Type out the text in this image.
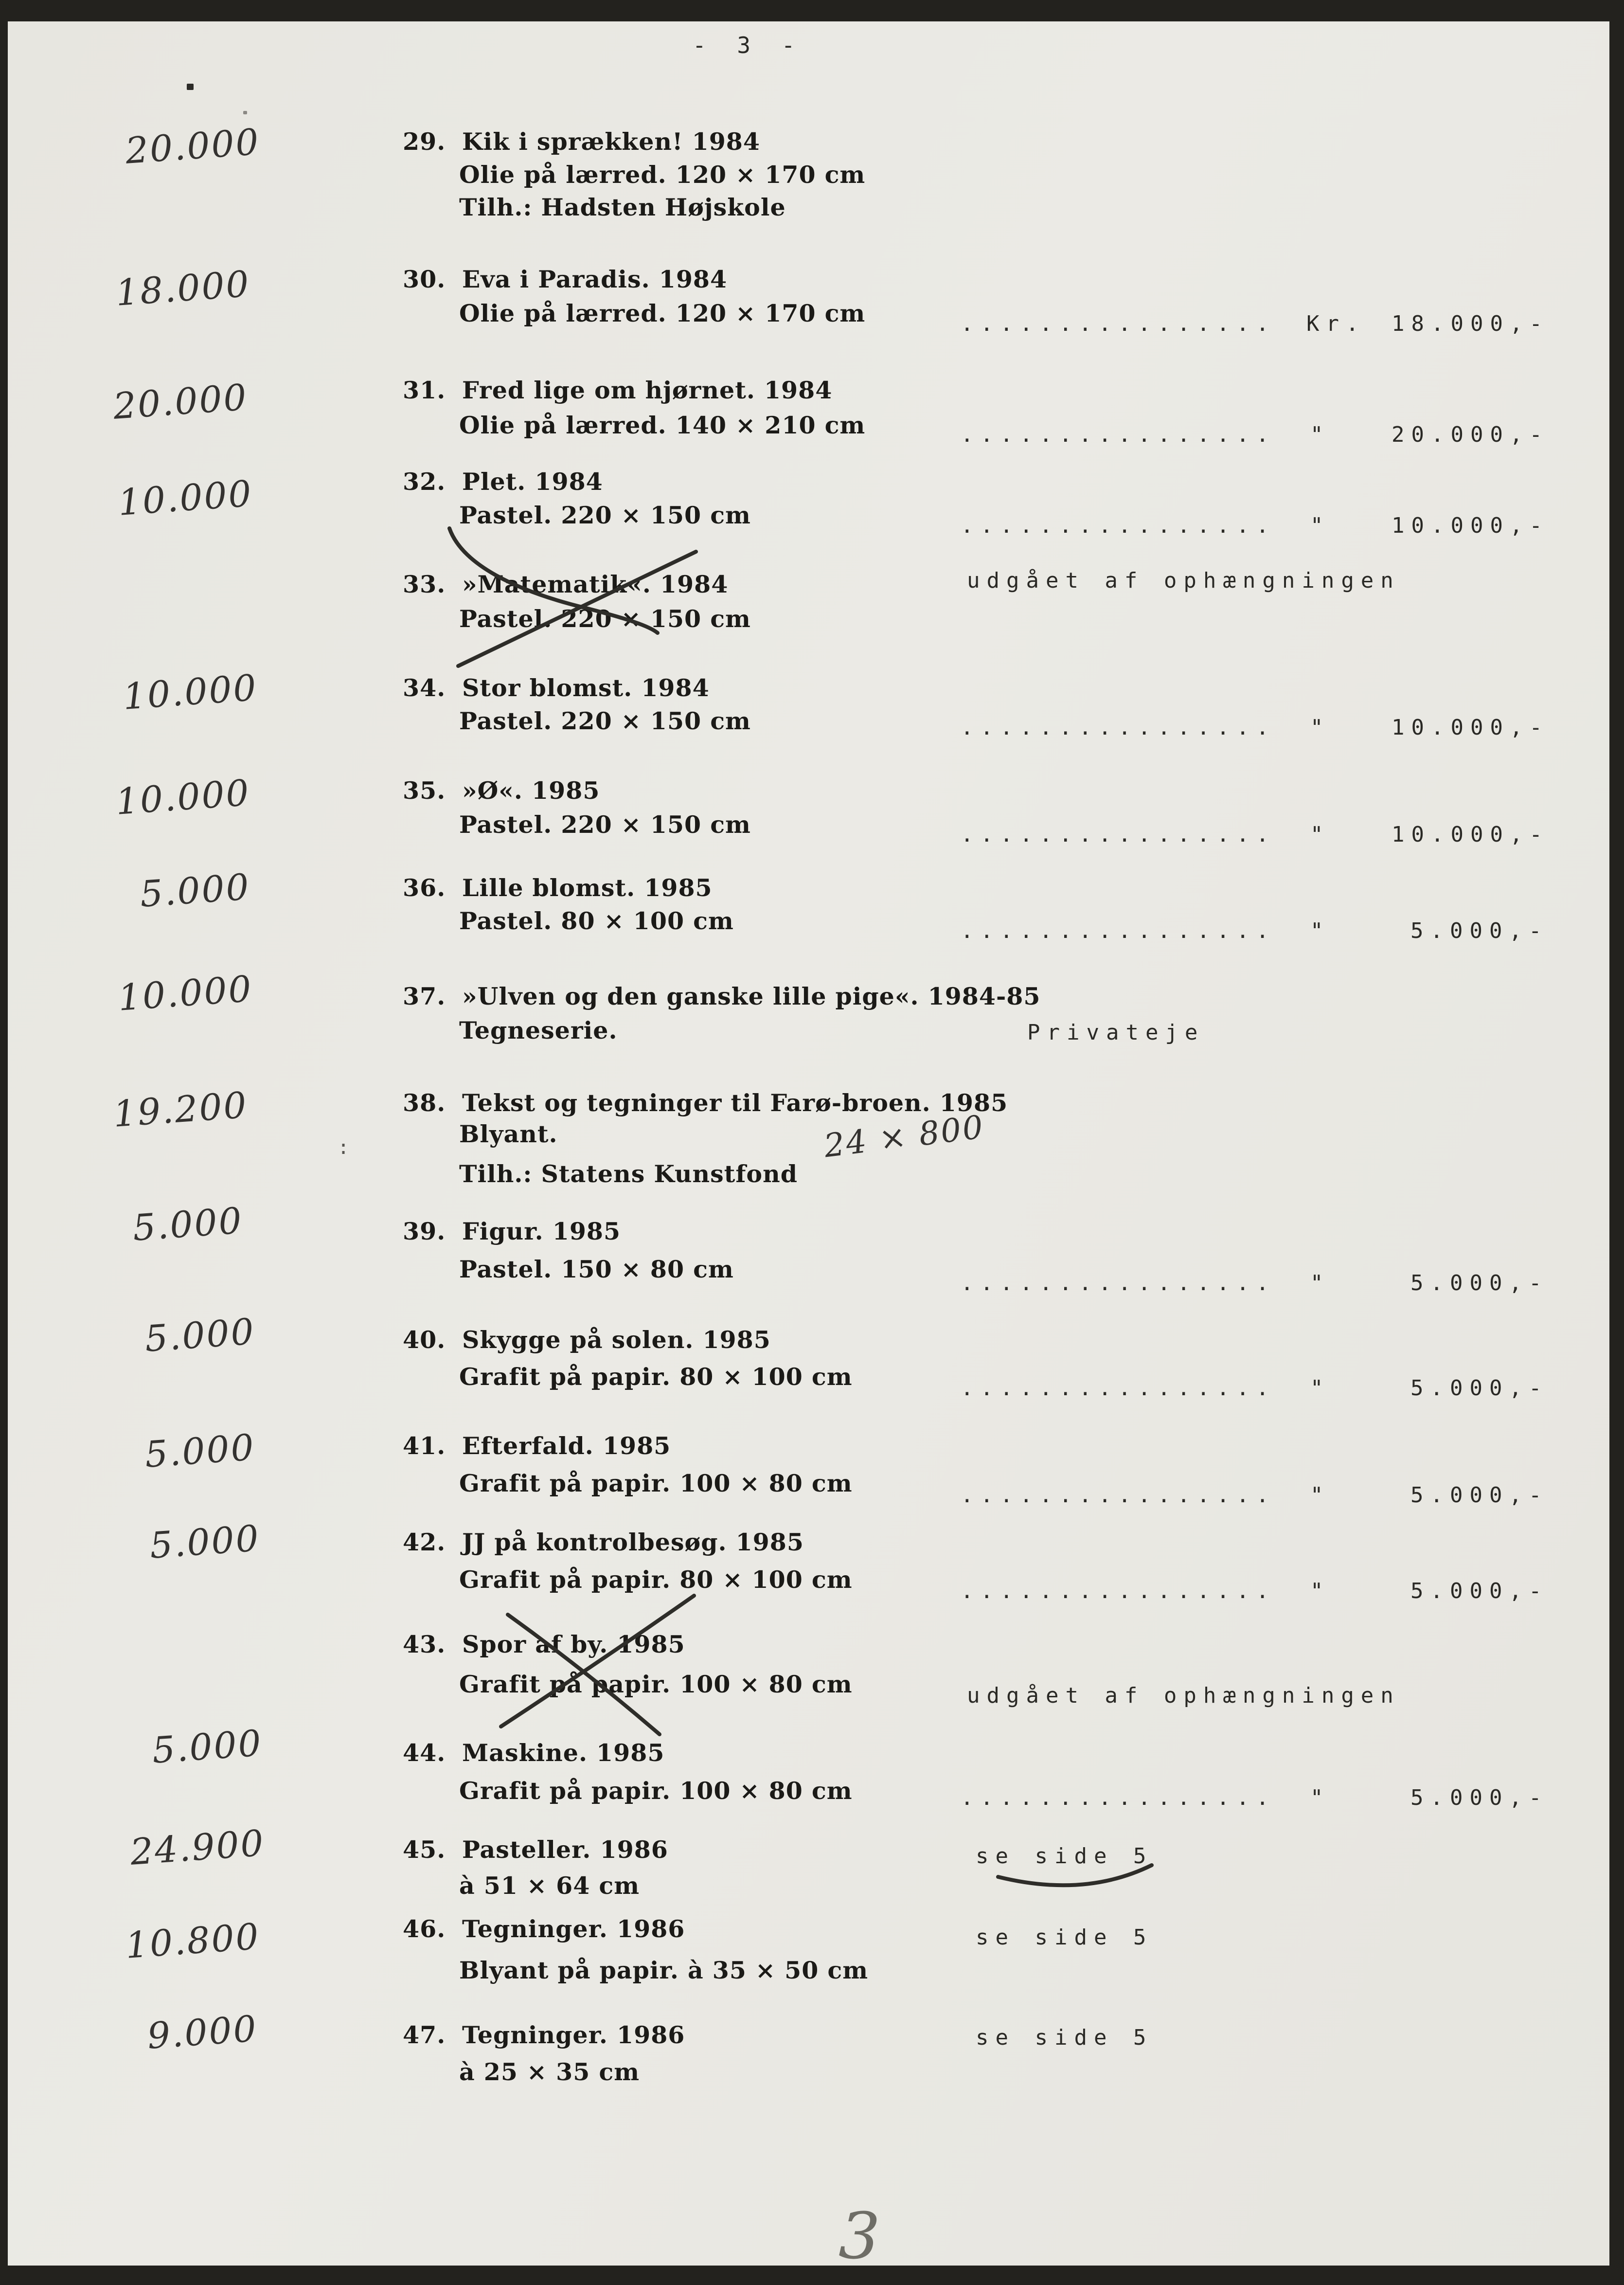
- 3 -
:
20.000	29. Kik i sprækken! 1984
Olie på lærred. 120 × 170 cm
Tilh.: Hadsten Højskole
18.000	30. Eva i Paradis. 1984
Olie på lærred. 120 × 170 cm	................ Kr. 18.000,-
20.000	31. Fred lige om hjørnet. 1984
Olie på lærred. 140 × 210 cm	................ "	20.000,-
10.000	32. Plet. 1984
Pastel. 220 × 150 cm	................ "	10.000,-
33. »Matematik«. 1984
Pastel. 220 × 150 cm
udgået af ophængningen
10.000	34. Stor blomst. 1984
Pastel. 220 × 150 cm	................ "	10.000,-
10.000	35. »Ø«. 1985
Pastel. 220 × 150 cm	................ "	10.000,-
5.000	36. Lille blomst. 1985
Pastel. 80 × 100 cm	................ "	5.000,-
10.000	37. »Ulven og den ganske lille pige«. 1984-85
Tegneserie.	Privateje
19.200	38. Tekst og tegninger til Farø-broen. 1985
Blyant.
Tilh.: Statens Kunstfond
24 × 800
5.000	39. Figur. 1985
Pastel. 150 × 80 cm	................ "	5.000,-
5.000	40. Skygge på solen. 1985
Grafit på papir. 80 × 100 cm	................ "	5.000,-
5.000	41. Efterfald. 1985
Grafit på papir. 100 × 80 cm	................ "	5.000,-
5.000	42. JJ på kontrolbesøg. 1985
Grafit på papir. 80 × 100 cm	................ "	5.000,-
43. Spor af by. 1985
Grafit på papir. 100 × 80 cm	udgået af ophængningen
5.000	44. Maskine. 1985
Grafit på papir. 100 × 80 cm	................ "	5.000,-
24.900	45. Pasteller. 1986
à 51 × 64 cm
se side 5
10.800	46. Tegninger. 1986
Blyant på papir. à 35 × 50 cm
se side 5
9.000	47. Tegninger. 1986
à 25 × 35 cm
se side 5
3
